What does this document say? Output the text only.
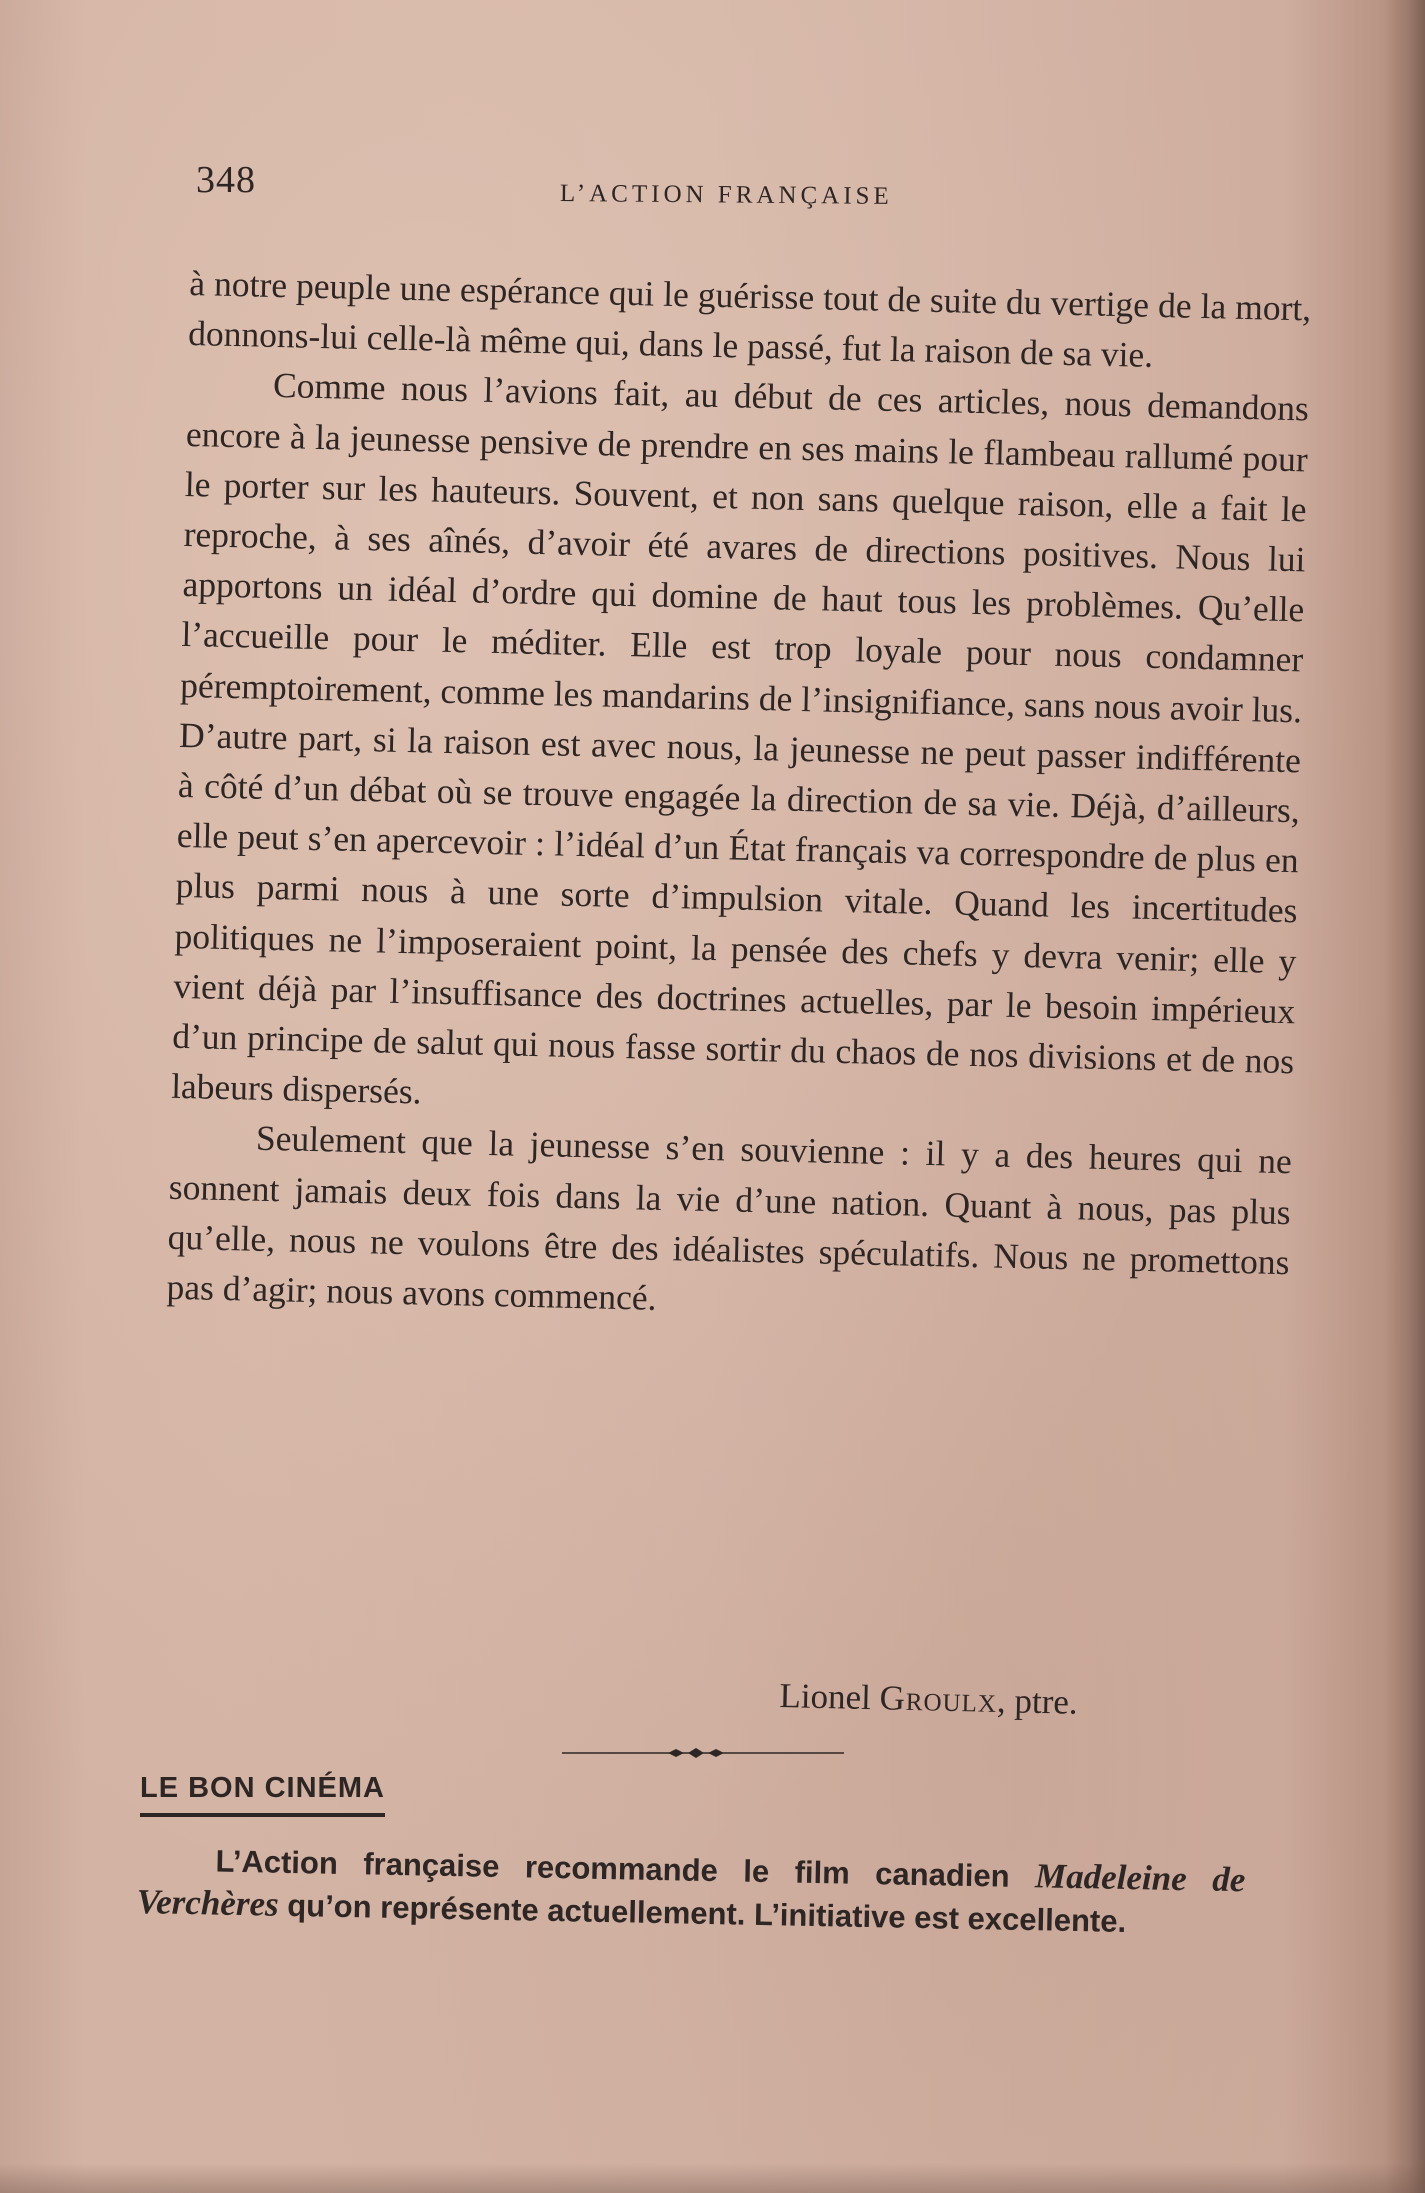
348	L’ACTION FRANÇAISE

à notre peuple une espérance qui le guérisse tout de suite du vertige de la mort, donnons-lui celle-là même qui, dans le passé, fut la raison de sa vie.

Comme nous l’avions fait, au début de ces articles, nous demandons encore à la jeunesse pensive de prendre en ses mains le flambeau rallumé pour le porter sur les hauteurs. Souvent, et non sans quelque raison, elle a fait le reproche, à ses aînés, d’avoir été avares de directions positives. Nous lui apportons un idéal d’ordre qui domine de haut tous les problèmes. Qu’elle l’accueille pour le méditer. Elle est trop loyale pour nous condamner péremptoirement, comme les mandarins de l’insignifiance, sans nous avoir lus. D’autre part, si la raison est avec nous, la jeunesse ne peut passer indifférente à côté d’un débat où se trouve engagée la direction de sa vie. Déjà, d’ailleurs, elle peut s’en apercevoir : l’idéal d’un État français va correspondre de plus en plus parmi nous à une sorte d’impulsion vitale. Quand les incertitudes politiques ne l’imposeraient point, la pensée des chefs y devra venir; elle y vient déjà par l’insuffisance des doctrines actuelles, par le besoin impérieux d’un principe de salut qui nous fasse sortir du chaos de nos divisions et de nos labeurs dispersés.

Seulement que la jeunesse s’en souvienne : il y a des heures qui ne sonnent jamais deux fois dans la vie d’une nation. Quant à nous, pas plus qu’elle, nous ne voulons être des idéalistes spéculatifs. Nous ne promettons pas d’agir; nous avons commencé.

Lionel Groulx, ptre.
LE BON CINÉMA

L’Action française recommande le film canadien Madeleine de Verchères qu’on représente actuellement. L’initiative est excellente.
